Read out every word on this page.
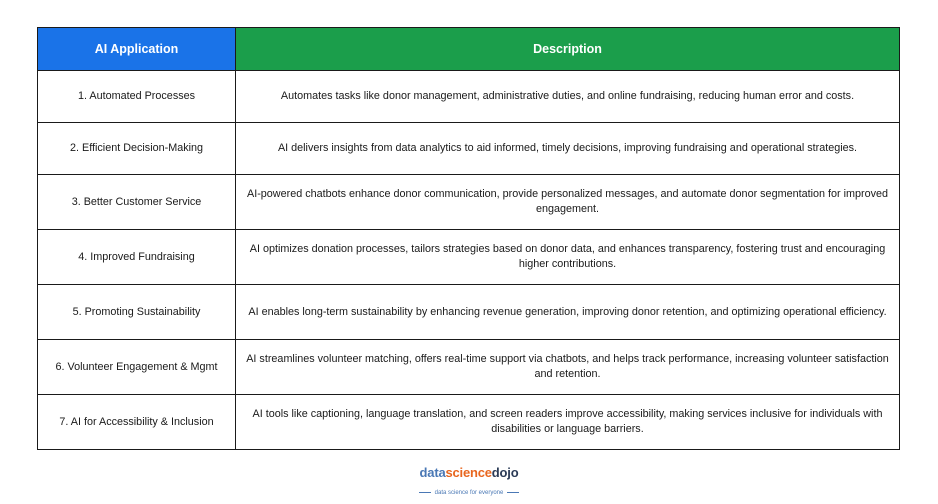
AI Application	Description
1. Automated Processes	Automates tasks like donor management, administrative duties, and online fundraising, reducing human error and costs.
2. Efficient Decision-Making	AI delivers insights from data analytics to aid informed, timely decisions, improving fundraising and operational strategies.
3. Better Customer Service	AI-powered chatbots enhance donor communication, provide personalized messages, and automate donor segmentation for improved engagement.
4. Improved Fundraising	AI optimizes donation processes, tailors strategies based on donor data, and enhances transparency, fostering trust and encouraging higher contributions.
5. Promoting Sustainability	AI enables long-term sustainability by enhancing revenue generation, improving donor retention, and optimizing operational efficiency.
6. Volunteer Engagement & Mgmt	AI streamlines volunteer matching, offers real-time support via chatbots, and helps track performance, increasing volunteer satisfaction and retention.
7. AI for Accessibility & Inclusion	AI tools like captioning, language translation, and screen readers improve accessibility, making services inclusive for individuals with disabilities or language barriers.
datasciencedojo
data science for everyone
